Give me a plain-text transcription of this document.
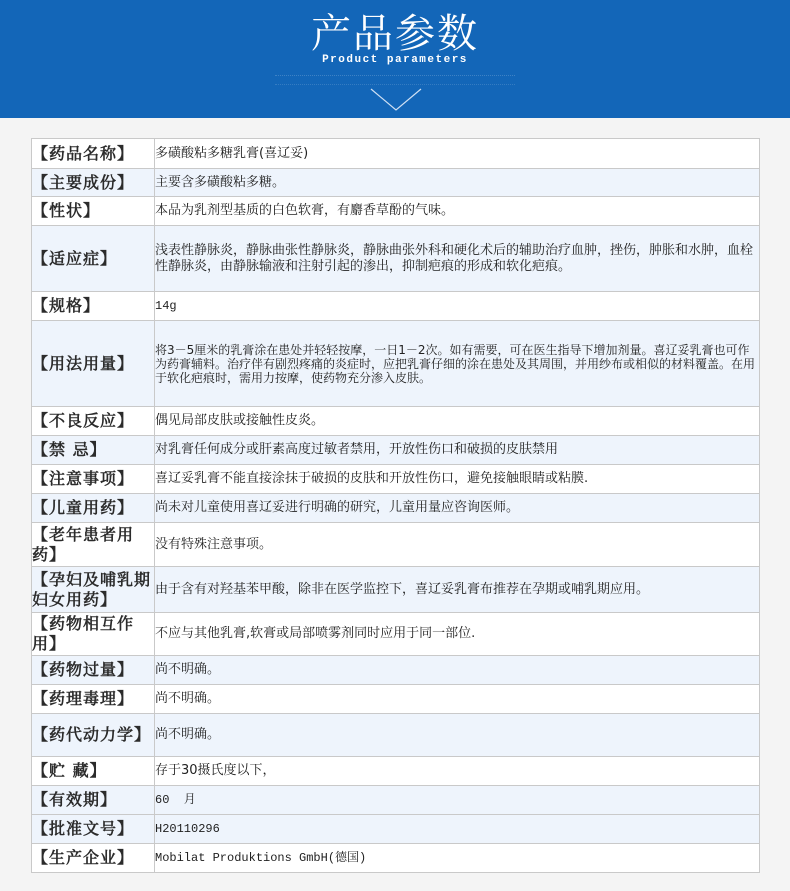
产品参数
Product parameters
【药品名称】	多磺酸粘多糖乳膏(喜辽妥)
【主要成份】	主要含多磺酸粘多糖。
【性状】	本品为乳剂型基质的白色软膏，有麝香草酚的气味。
【适应症】	浅表性静脉炎，静脉曲张性静脉炎，静脉曲张外科和硬化术后的辅助治疗血肿，挫伤，肿胀和水肿，血栓性静脉炎，由静脉输液和注射引起的渗出，抑制疤痕的形成和软化疤痕。
【规格】	14g
【用法用量】	将3－5厘米的乳膏涂在患处并轻轻按摩，一日1－2次。如有需要，可在医生指导下增加剂量。喜辽妥乳膏也可作为药膏辅料。治疗伴有剧烈疼痛的炎症时，应把乳膏仔细的涂在患处及其周围，并用纱布或相似的材料覆盖。在用于软化疤痕时，需用力按摩，使药物充分渗入皮肤。
【不良反应】	偶见局部皮肤或接触性皮炎。
【禁 忌】	对乳膏任何成分或肝素高度过敏者禁用，开放性伤口和破损的皮肤禁用
【注意事项】	喜辽妥乳膏不能直接涂抹于破损的皮肤和开放性伤口，避免接触眼睛或粘膜.
【儿童用药】	尚未对儿童使用喜辽妥进行明确的研究，儿童用量应咨询医师。
【老年患者用药】	没有特殊注意事项。
【孕妇及哺乳期妇女用药】	由于含有对羟基苯甲酸，除非在医学监控下，喜辽妥乳膏布推荐在孕期或哺乳期应用。
【药物相互作用】	不应与其他乳膏,软膏或局部喷雾剂同时应用于同一部位.
【药物过量】	尚不明确。
【药理毒理】	尚不明确。
【药代动力学】	尚不明确。
【贮 藏】	存于30摄氏度以下，
【有效期】	60  月
【批准文号】	H20110296
【生产企业】	Mobilat Produktions GmbH(德国)
